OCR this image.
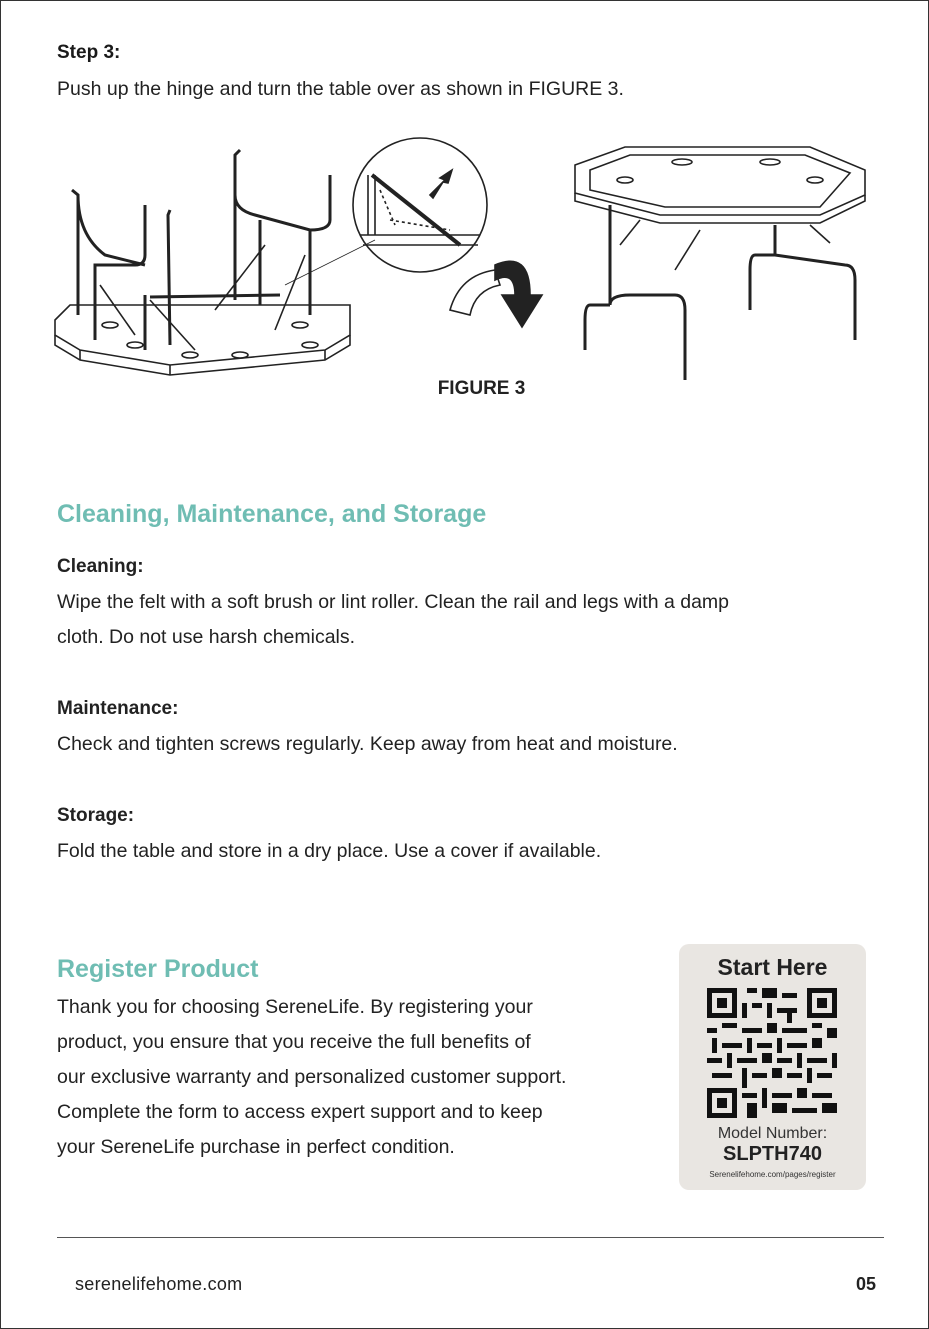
Step 3:
Push up the hinge and turn the table over as shown in FIGURE 3.
FIGURE 3
Cleaning, Maintenance, and Storage
Cleaning:
Wipe the felt with a soft brush or lint roller. Clean the rail and legs with a damp
cloth. Do not use harsh chemicals.
Maintenance:
Check and tighten screws regularly. Keep away from heat and moisture.
Storage:
Fold the table and store in a dry place. Use a cover if available.
Register Product
Thank you for choosing SereneLife. By registering your
product, you ensure that you receive the full benefits of
our exclusive warranty and personalized customer support.
Complete the form to access expert support and to keep
your SereneLife purchase in perfect condition.
Start Here
Model Number:
SLPTH740
Serenelifehome.com/pages/register
serenelifehome.com	05
